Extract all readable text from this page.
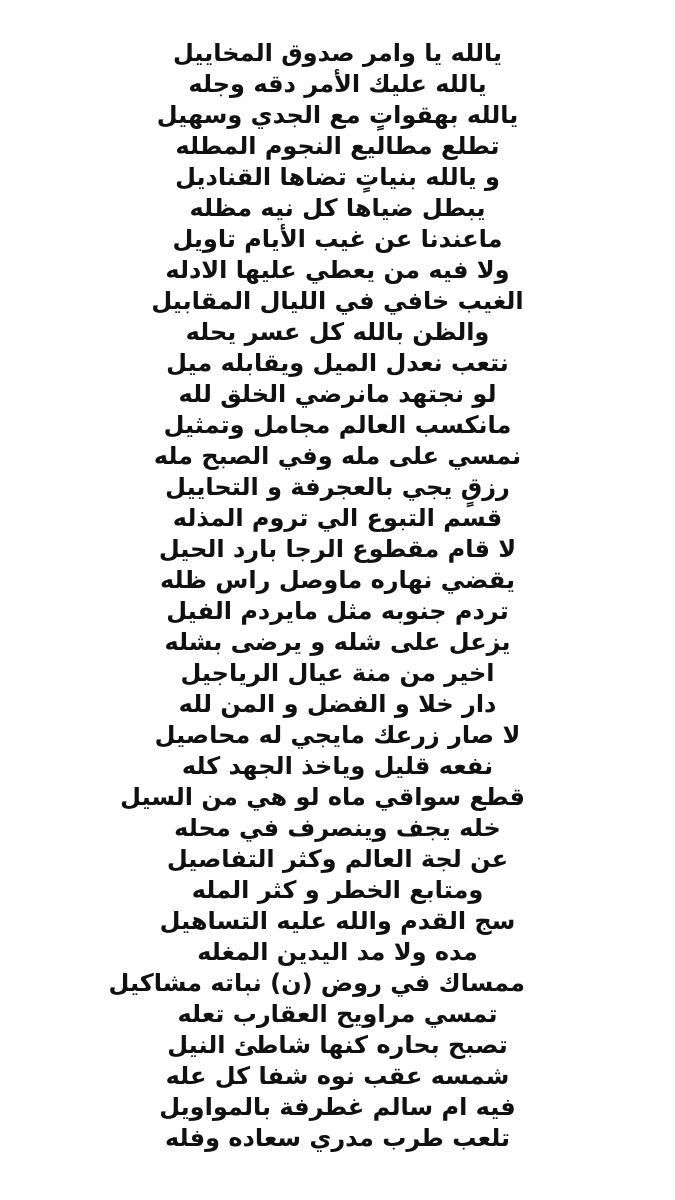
يالله يا وامر صدوق المخاييل
يالله عليك الأمر دقه وجله
يالله بهقواتٍ مع الجدي وسهيل
تطلع مطاليع النجوم المطله
و يالله بنياتٍ تضاها القناديل
يبطل ضياها كل نيه مظله
ماعندنا عن غيب الأيام تاويل
ولا فيه من يعطي عليها الادله
الغيب خافي في الليال المقابيل
والظن بالله كل عسر يحله
نتعب نعدل الميل ويقابله ميل
لو نجتهد مانرضي الخلق لله
مانكسب العالم مجامل وتمثيل
نمسي على مله وفي الصبح مله
رزقٍ يجي بالعجرفة و التحاييل
قسم التبوع الي تروم المذله
لا قام مقطوع الرجا بارد الحيل
يقضي نهاره ماوصل راس ظله
تردم جنوبه مثل مايردم الفيل
يزعل على شله و يرضى بشله
اخير من منة عيال الرياجيل
دار خلا و الفضل و المن لله
لا صار زرعك مايجي له محاصيل
نفعه قليل وياخذ الجهد كله
قطع سواقي ماه لو هي من السيل
خله يجف وينصرف في محله
عن لجة العالم وكثر التفاصيل
ومتابع الخطر و كثر المله
سج القدم والله عليه التساهيل
مده ولا مد اليدين المغله
ممساك في روض (ن) نباته مشاكيل
تمسي مراويح العقارب تعله
تصبح بحاره كنها شاطئ النيل
شمسه عقب نوه شفا كل عله
فيه ام سالم غطرفة بالمواويل
تلعب طرب مدري سعاده وفله
